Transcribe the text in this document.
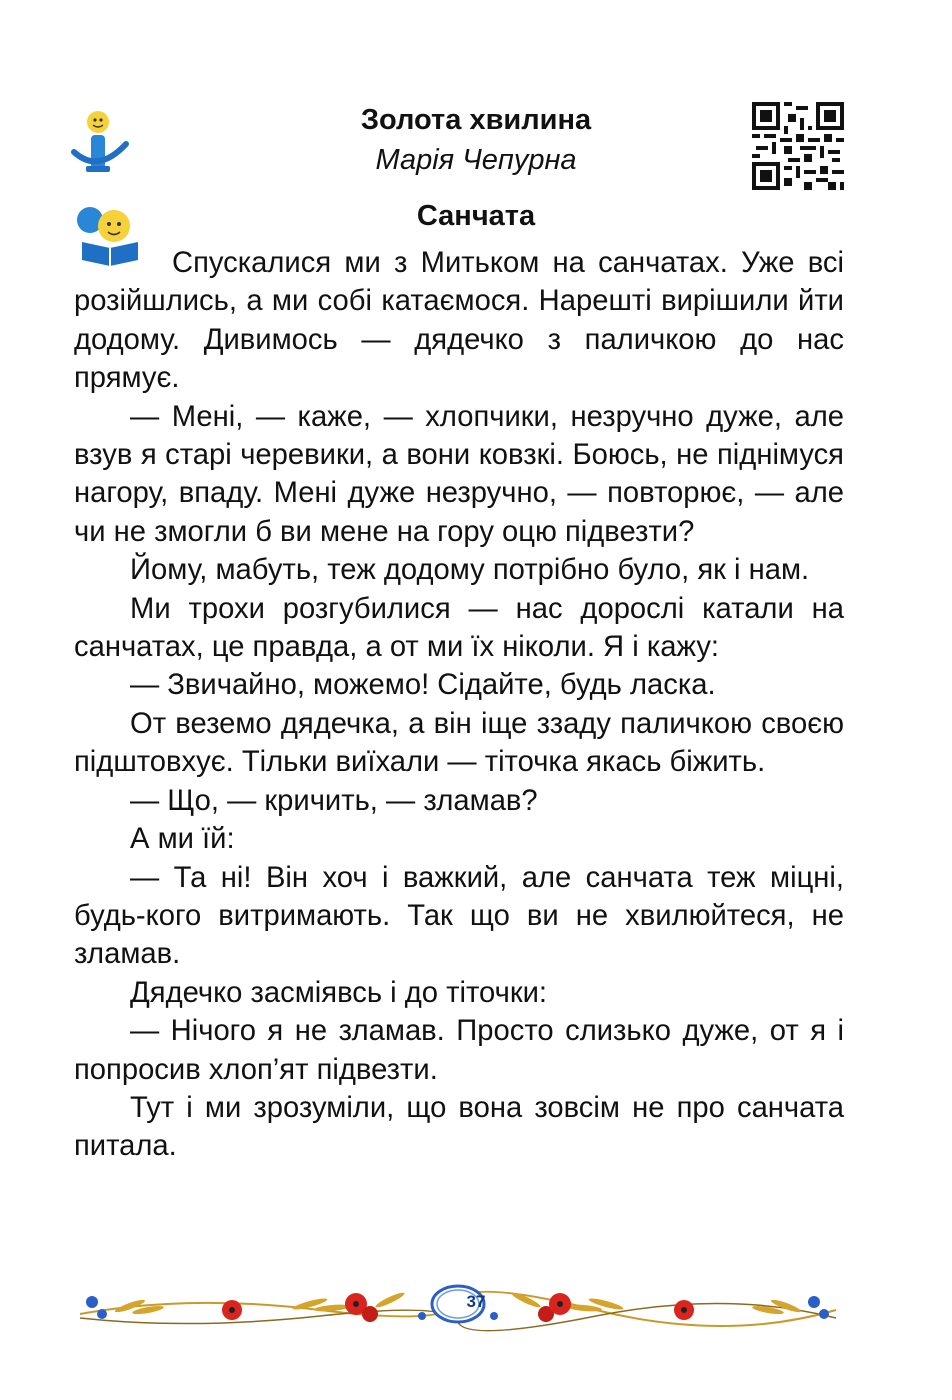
Золота хвилина
Марія Чепурна
Санчата

Спускалися ми з Митьком на санчатах. Уже всі розійшлись, а ми собі катаємося. Нарешті вирішили йти додому. Дивимось — дядечко з паличкою до нас прямує.

— Мені, — каже, — хлопчики, незручно дуже, але взув я старі черевики, а вони ковзкі. Боюсь, не піднімуся нагору, впаду. Мені дуже незручно, — повторює, — але чи не змогли б ви мене на гору оцю підвезти?

Йому, мабуть, теж додому потрібно було, як і нам.

Ми трохи розгубилися — нас дорослі катали на санчатах, це правда, а от ми їх ніколи. Я і кажу:

— Звичайно, можемо! Сідайте, будь ласка.

От веземо дядечка, а він іще ззаду паличкою своєю підштовхує. Тільки виїхали — тіточка якась біжить.

— Що, — кричить, — зламав?

А ми їй:

— Та ні! Він хоч і важкий, але санчата теж міцні, будь-кого витримають. Так що ви не хвилюйтеся, не зламав.

Дядечко засміявсь і до тіточки:

— Нічого я не зламав. Просто слизько дуже, от я і попросив хлоп’ят підвезти.

Тут і ми зрозуміли, що вона зовсім не про санчата питала.

37
